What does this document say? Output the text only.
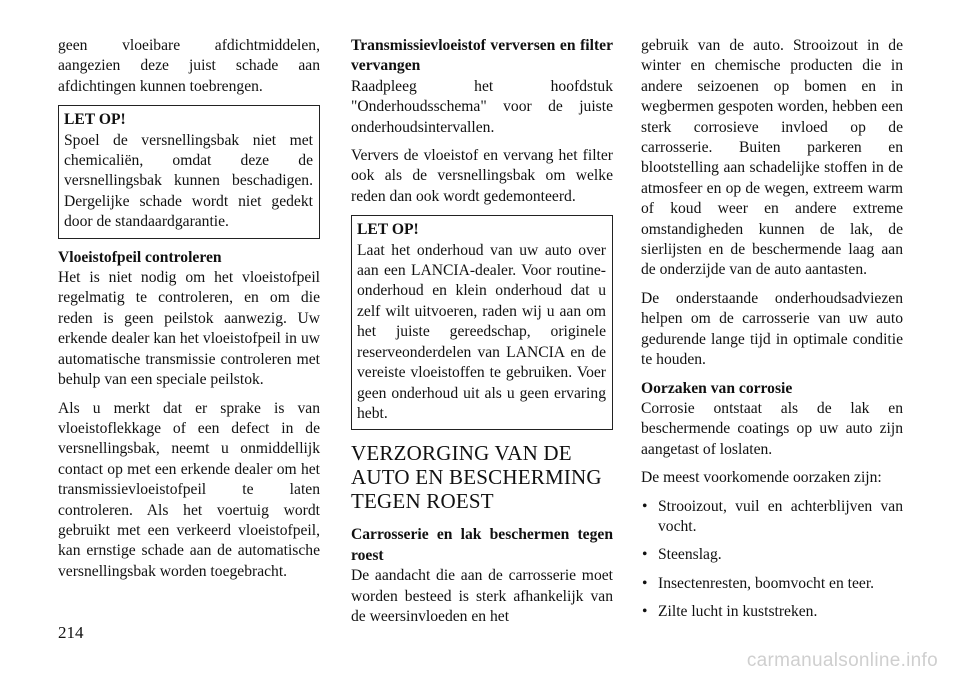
geen vloeibare afdichtmiddelen, aangezien deze juist schade aan afdichtingen kunnen toebrengen.

LET OP!

Spoel de versnellingsbak niet met chemicaliën, omdat deze de versnellingsbak kunnen beschadigen. Dergelijke schade wordt niet gedekt door de standaardgarantie.

Vloeistofpeil controleren

Het is niet nodig om het vloeistofpeil regelmatig te controleren, en om die reden is geen peilstok aanwezig. Uw erkende dealer kan het vloeistofpeil in uw automatische transmissie controleren met behulp van een speciale peilstok.

Als u merkt dat er sprake is van vloeistoflekkage of een defect in de versnellingsbak, neemt u onmiddellijk contact op met een erkende dealer om het transmissievloeistofpeil te laten controleren. Als het voertuig wordt gebruikt met een verkeerd vloeistofpeil, kan ernstige schade aan de automatische versnellingsbak worden toegebracht.

Transmissievloeistof verversen en filter vervangen

Raadpleeg het hoofdstuk "Onderhoudsschema" voor de juiste onderhoudsintervallen.

Ververs de vloeistof en vervang het filter ook als de versnellingsbak om welke reden dan ook wordt gedemonteerd.

LET OP!

Laat het onderhoud van uw auto over aan een LANCIA-dealer. Voor routine-onderhoud en klein onderhoud dat u zelf wilt uitvoeren, raden wij u aan om het juiste gereedschap, originele reserveonderdelen van LANCIA en de vereiste vloeistoffen te gebruiken. Voer geen onderhoud uit als u geen ervaring hebt.

VERZORGING VAN DE AUTO EN BESCHERMING TEGEN ROEST
Carrosserie en lak beschermen tegen roest

De aandacht die aan de carrosserie moet worden besteed is sterk afhankelijk van de weersinvloeden en het

gebruik van de auto. Strooizout in de winter en chemische producten die in andere seizoenen op bomen en in wegbermen gespoten worden, hebben een sterk corrosieve invloed op de carrosserie. Buiten parkeren en blootstelling aan schadelijke stoffen in de atmosfeer en op de wegen, extreem warm of koud weer en andere extreme omstandigheden kunnen de lak, de sierlijsten en de beschermende laag aan de onderzijde van de auto aantasten.

De onderstaande onderhoudsadviezen helpen om de carrosserie van uw auto gedurende lange tijd in optimale conditie te houden.

Oorzaken van corrosie

Corrosie ontstaat als de lak en beschermende coatings op uw auto zijn aangetast of loslaten.

De meest voorkomende oorzaken zijn:

• Strooizout, vuil en achterblijven van vocht.
• Steenslag.
• Insectenresten, boomvocht en teer.
• Zilte lucht in kuststreken.
214
carmanualsonline.info
